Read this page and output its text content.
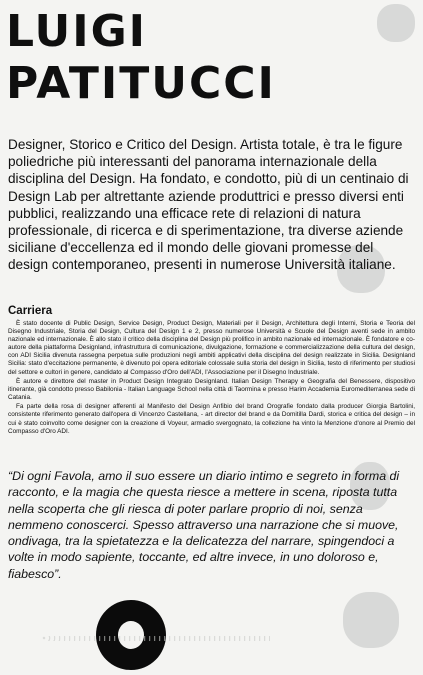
LUIGI
PATITUCCI
Designer, Storico e Critico del Design. Artista totale, è tra le figure poliedriche più interessanti del panorama internazionale della disciplina del Design. Ha fondato, e condotto, più di un centinaio di Design Lab per altrettante aziende produttrici e presso diversi enti pubblici, realizzando una efficace rete di relazioni di natura professionale, di ricerca e di sperimentazione, tra diverse aziende siciliane d'eccellenza ed il mondo delle giovani promesse del design contemporaneo, presenti in numerose Università italiane.
Carriera

È stato docente di Public Design, Service Design, Product Design, Materiali per il Design, Architettura degli Interni, Storia e Teoria del Disegno Industriale, Storia del Design, Cultura del Design 1 e 2, presso numerose Università e Scuole del Design aventi sede in ambito nazionale ed internazionale. È allo stato il critico della disciplina del Design più prolifico in ambito nazionale ed internazionale. È fondatore e co-autore della piattaforma Designland, infrastruttura di comunicazione, divulgazione, formazione e commercializzazione della cultura del design, con ADI Sicilia divenuta rassegna perpetua sulle produzioni negli ambiti applicativi della disciplina del design realizzate in Sicilia. Designland Sicilia: stato d'eccitazione permanente, è divenuto poi opera editoriale colossale sulla storia del design in Sicilia, testo di riferimento per studiosi del settore e cultori in genere, candidato al Compasso d'Oro dell'ADI, l'Associazione per il Disegno Industriale.

È autore e direttore del master in Product Design Integrato Designland. Italian Design Therapy e Geografia del Benessere, dispositivo itinerante, già condotto presso Babilonia - Italian Language School nella città di Taormina e presso Harim Accademia Euromediterranea sede di Catania.

Fa parte della rosa di designer afferenti al Manifesto del Design Anfibio del brand Orografie fondato dalla producer Giorgia Bartolini, consistente riferimento generato dall'opera di Vincenzo Castellana, - art director del brand e da Domitilla Dardi, storica e critica del design – in cui è stato coinvolto come designer con la creazione di Voyeur, armadio svergognato, la collezione ha vinto la Menzione d'onore al Premio del Compasso d'Oro ADI.

“Di ogni Favola, amo il suo essere un diario intimo e segreto in forma di racconto, e la magia che questa riesce a mettere in scena, riposta tutta nella scoperta che gli riesca di poter parlare proprio di noi, senza nemmeno conoscerci. Spesso attraverso una narrazione che si muove, ondivaga, tra la spietatezza e la delicatezza del narrare, spingendoci a volte in modo sapiente, toccante, ed altre invece, in uno doloroso e, fiabesco”.
